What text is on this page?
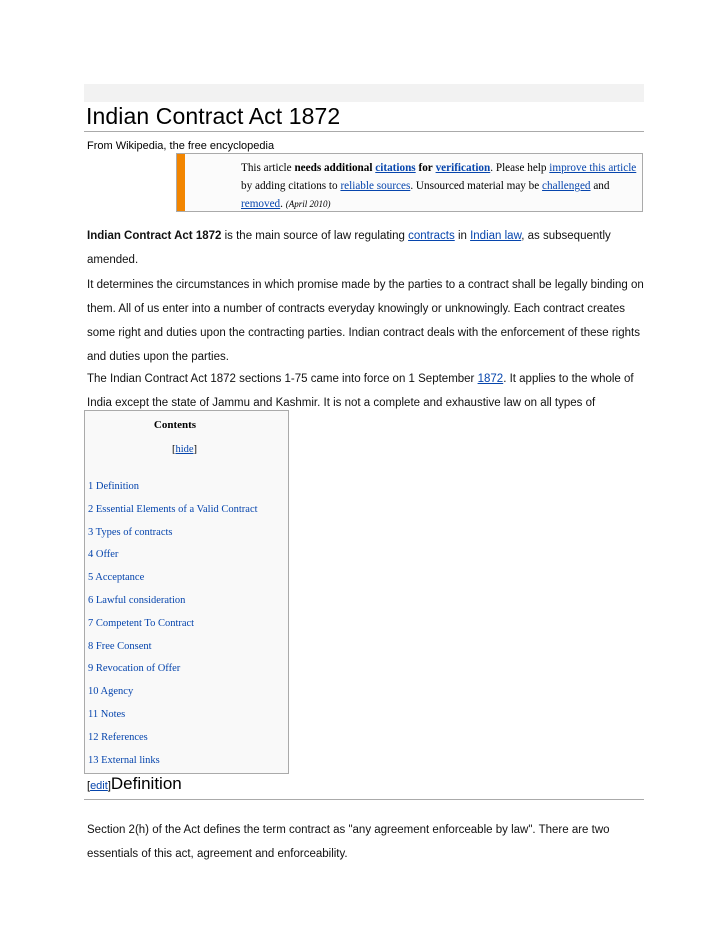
Indian Contract Act 1872
From Wikipedia, the free encyclopedia
This article needs additional citations for verification. Please help improve this article by adding citations to reliable sources. Unsourced material may be challenged and removed. (April 2010)

Indian Contract Act 1872 is the main source of law regulating contracts in Indian law, as subsequently amended.

It determines the circumstances in which promise made by the parties to a contract shall be legally binding on them. All of us enter into a number of contracts everyday knowingly or unknowingly. Each contract creates some right and duties upon the contracting parties. Indian contract deals with the enforcement of these rights and duties upon the parties.

The Indian Contract Act 1872 sections 1-75 came into force on 1 September 1872. It applies to the whole of India except the state of Jammu and Kashmir. It is not a complete and exhaustive law on all types of

Contents
[hide]
1 Definition
2 Essential Elements of a Valid Contract
3 Types of contracts
4 Offer
5 Acceptance
6 Lawful consideration
7 Competent To Contract
8 Free Consent
9 Revocation of Offer
10 Agency
11 Notes
12 References
13 External links
[edit]Definition

Section 2(h) of the Act defines the term contract as "any agreement enforceable by law". There are two essentials of this act, agreement and enforceability.
